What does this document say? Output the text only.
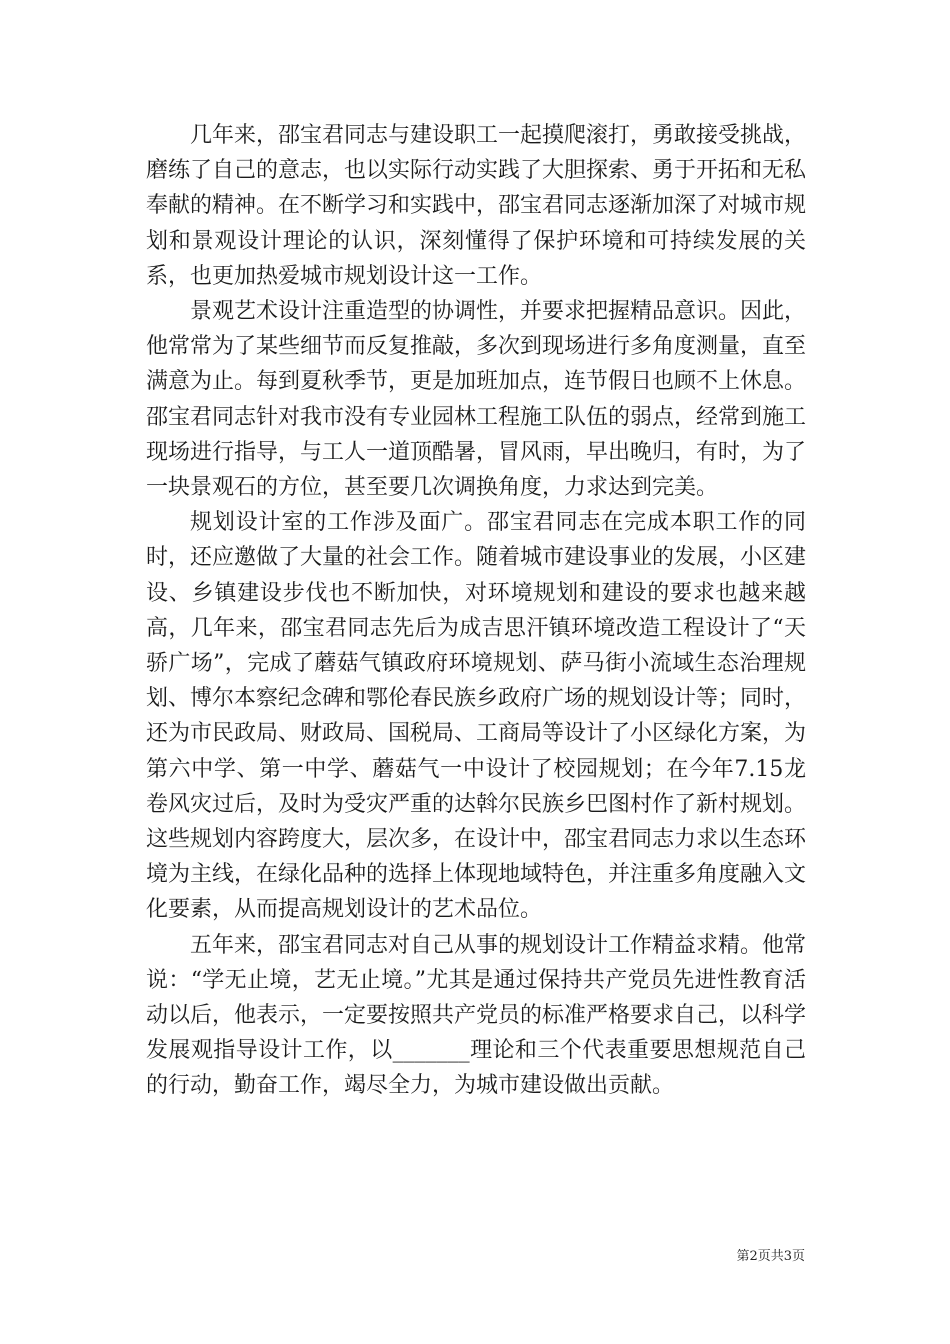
几年来，邵宝君同志与建设职工一起摸爬滚打，勇敢接受挑战，磨练了自己的意志，也以实际行动实践了大胆探索、勇于开拓和无私奉献的精神。在不断学习和实践中，邵宝君同志逐渐加深了对城市规划和景观设计理论的认识，深刻懂得了保护环境和可持续发展的关系，也更加热爱城市规划设计这一工作。

景观艺术设计注重造型的协调性，并要求把握精品意识。因此，他常常为了某些细节而反复推敲，多次到现场进行多角度测量，直至满意为止。每到夏秋季节，更是加班加点，连节假日也顾不上休息。邵宝君同志针对我市没有专业园林工程施工队伍的弱点，经常到施工现场进行指导，与工人一道顶酷暑，冒风雨，早出晚归，有时，为了一块景观石的方位，甚至要几次调换角度，力求达到完美。

规划设计室的工作涉及面广。邵宝君同志在完成本职工作的同时，还应邀做了大量的社会工作。随着城市建设事业的发展，小区建设、乡镇建设步伐也不断加快，对环境规划和建设的要求也越来越高，几年来，邵宝君同志先后为成吉思汗镇环境改造工程设计了“天骄广场”，完成了蘑菇气镇政府环境规划、萨马街小流域生态治理规划、博尔本察纪念碑和鄂伦春民族乡政府广场的规划设计等；同时，还为市民政局、财政局、国税局、工商局等设计了小区绿化方案，为第六中学、第一中学、蘑菇气一中设计了校园规划；在今年7.15龙卷风灾过后，及时为受灾严重的达斡尔民族乡巴图村作了新村规划。这些规划内容跨度大，层次多，在设计中，邵宝君同志力求以生态环境为主线，在绿化品种的选择上体现地域特色，并注重多角度融入文化要素，从而提高规划设计的艺术品位。

五年来，邵宝君同志对自己从事的规划设计工作精益求精。他常说：“学无止境，艺无止境。”尤其是通过保持共产党员先进性教育活动以后，他表示，一定要按照共产党员的标准严格要求自己，以科学发展观指导设计工作，以_______理论和三个代表重要思想规范自己的行动，勤奋工作，竭尽全力，为城市建设做出贡献。

第2页共3页
